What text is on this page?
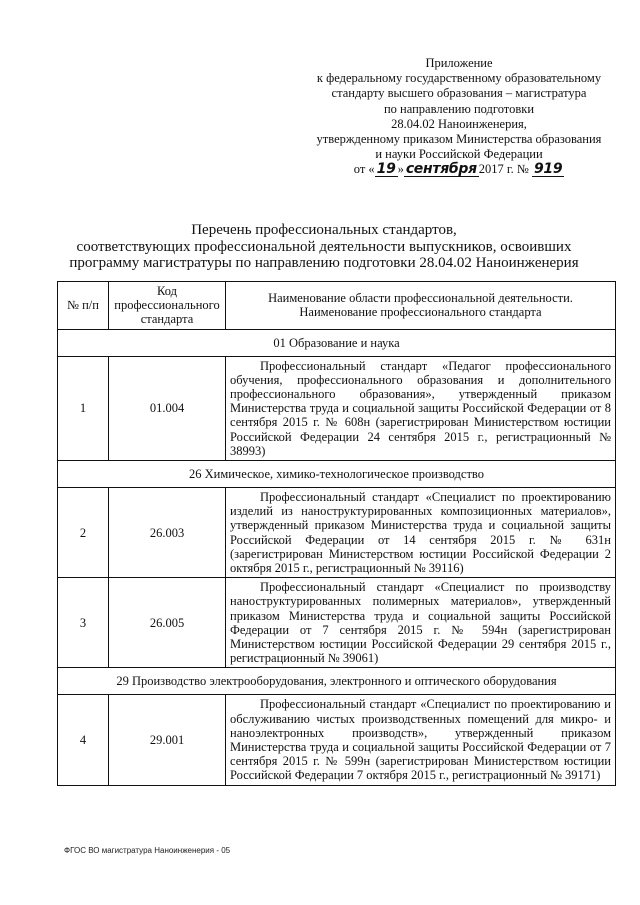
Приложение
к федеральному государственному образовательному
стандарту высшего образования – магистратура
по направлению подготовки
28.04.02 Наноинженерия,
утвержденному приказом Министерства образования
и науки Российской Федерации
от « 19 » сентября 2017 г. № 919
Перечень профессиональных стандартов,
соответствующих профессиональной деятельности выпускников, освоивших
программу магистратуры по направлению подготовки 28.04.02 Наноинженерия
№ п/п	Код профессионального стандарта	Наименование области профессиональной деятельности. Наименование профессионального стандарта
01 Образование и наука		
1	01.004	Профессиональный стандарт «Педагог профессионального обучения, профессионального образования и дополнительного профессионального образования», утвержденный приказом Министерства труда и социальной защиты Российской Федерации от 8 сентября 2015 г. № 608н (зарегистрирован Министерством юстиции Российской Федерации 24 сентября 2015 г., регистрационный № 38993)
26 Химическое, химико-технологическое производство		
2	26.003	Профессиональный стандарт «Специалист по проектированию изделий из наноструктурированных композиционных материалов», утвержденный приказом Министерства труда и социальной защиты Российской Федерации от 14 сентября 2015 г. № 631н (зарегистрирован Министерством юстиции Российской Федерации 2 октября 2015 г., регистрационный № 39116)
3	26.005	Профессиональный стандарт «Специалист по производству наноструктурированных полимерных материалов», утвержденный приказом Министерства труда и социальной защиты Российской Федерации от 7 сентября 2015 г. № 594н (зарегистрирован Министерством юстиции Российской Федерации 29 сентября 2015 г., регистрационный № 39061)
29 Производство электрооборудования, электронного и оптического оборудования		
4	29.001	Профессиональный стандарт «Специалист по проектированию и обслуживанию чистых производственных помещений для микро- и наноэлектронных производств», утвержденный приказом Министерства труда и социальной защиты Российской Федерации от 7 сентября 2015 г. № 599н (зарегистрирован Министерством юстиции Российской Федерации 7 октября 2015 г., регистрационный № 39171)
ФГОС ВО магистратура Наноинженерия - 05
